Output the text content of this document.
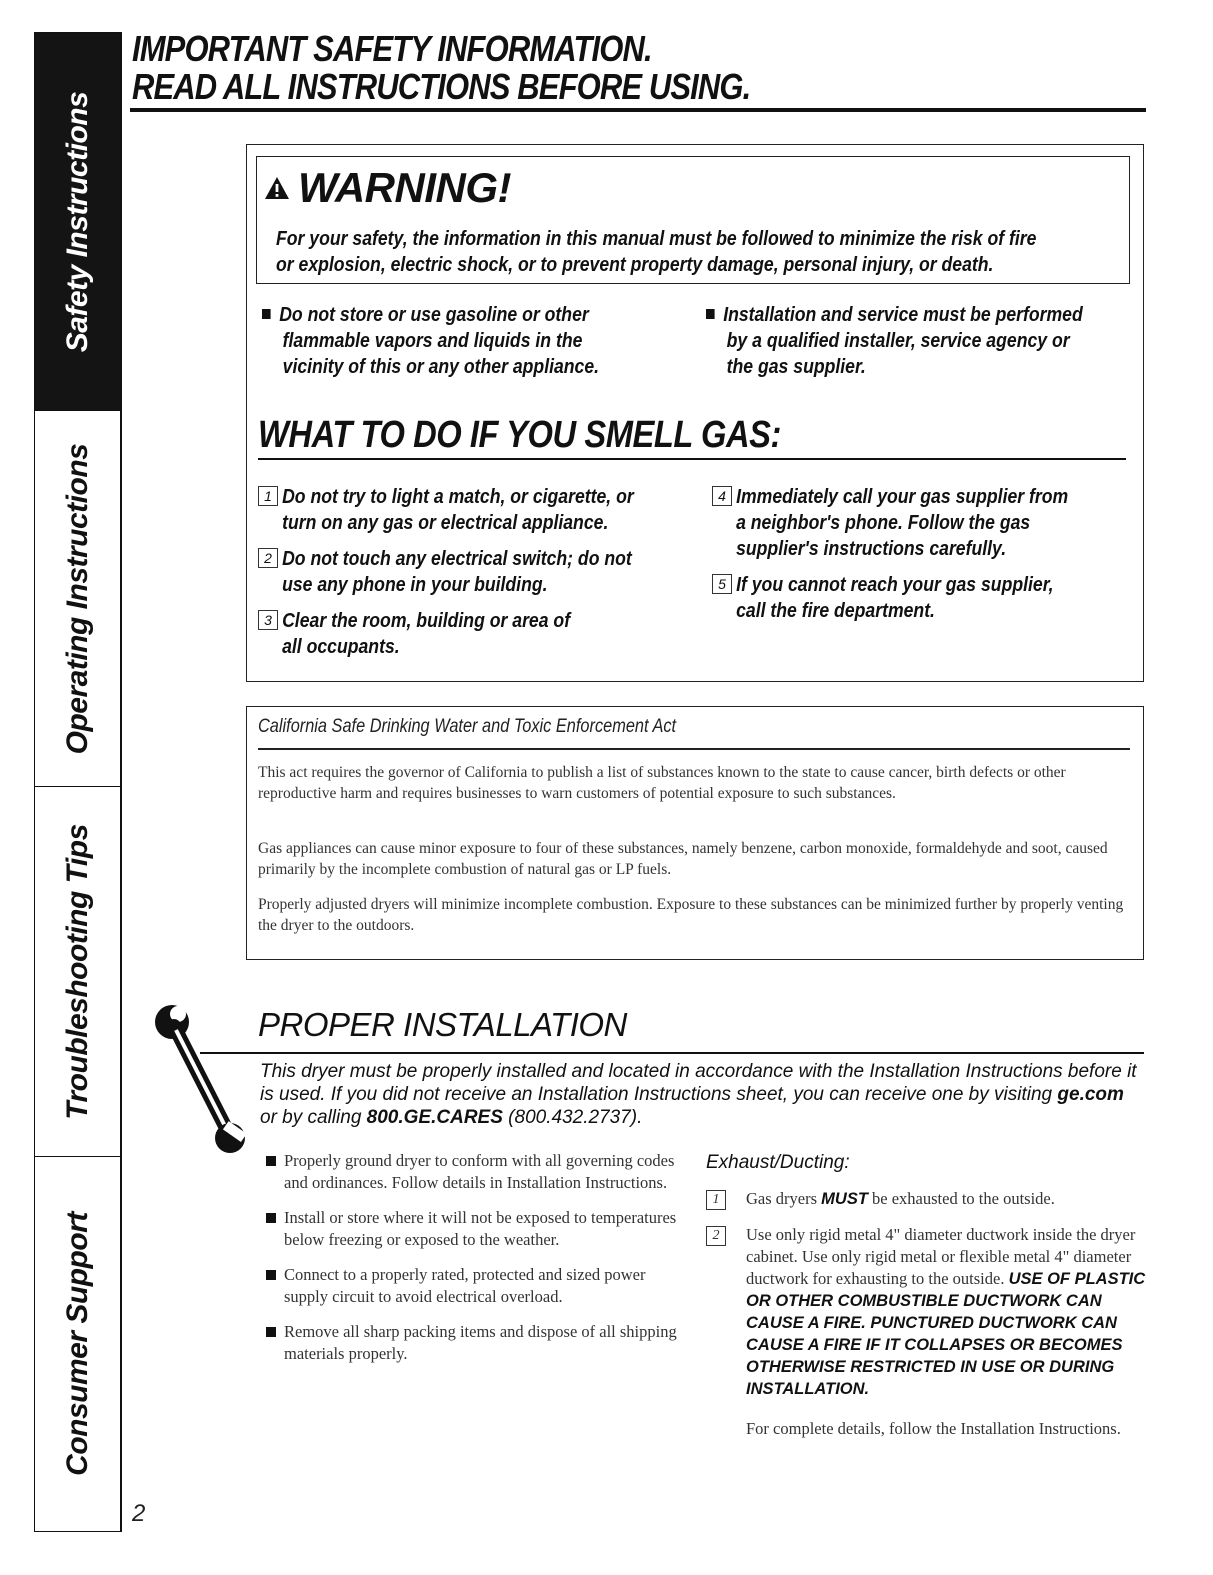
Safety Instructions
Operating Instructions
Troubleshooting Tips
Consumer Support
IMPORTANT SAFETY INFORMATION.
READ ALL INSTRUCTIONS BEFORE USING.
WARNING!
For your safety, the information in this manual must be followed to minimize the risk of fire
or explosion, electric shock, or to prevent property damage, personal injury, or death.
Do not store or use gasoline or other
flammable vapors and liquids in the
vicinity of this or any other appliance.
Installation and service must be performed
by a qualified installer, service agency or
the gas supplier.
WHAT TO DO IF YOU SMELL GAS:
1 Do not try to light a match, or cigarette, or
turn on any gas or electrical appliance.
2 Do not touch any electrical switch; do not
use any phone in your building.
3 Clear the room, building or area of
all occupants.
4 Immediately call your gas supplier from
a neighbor's phone. Follow the gas
supplier's instructions carefully.
5 If you cannot reach your gas supplier,
call the fire department.
California Safe Drinking Water and Toxic Enforcement Act
This act requires the governor of California to publish a list of substances known to the state to cause cancer, birth defects or other reproductive harm and requires businesses to warn customers of potential exposure to such substances.
Gas appliances can cause minor exposure to four of these substances, namely benzene, carbon monoxide, formaldehyde and soot, caused primarily by the incomplete combustion of natural gas or LP fuels.
Properly adjusted dryers will minimize incomplete combustion. Exposure to these substances can be minimized further by properly venting the dryer to the outdoors.
PROPER INSTALLATION
This dryer must be properly installed and located in accordance with the Installation Instructions before it is used. If you did not receive an Installation Instructions sheet, you can receive one by visiting ge.com or by calling 800.GE.CARES (800.432.2737).
Properly ground dryer to conform with all governing codes and ordinances. Follow details in Installation Instructions.
Install or store where it will not be exposed to temperatures below freezing or exposed to the weather.
Connect to a properly rated, protected and sized power supply circuit to avoid electrical overload.
Remove all sharp packing items and dispose of all shipping materials properly.
Exhaust/Ducting:
1	Gas dryers MUST be exhausted to the outside.
2	Use only rigid metal 4" diameter ductwork inside the dryer cabinet. Use only rigid metal or flexible metal 4" diameter ductwork for exhausting to the outside. USE OF PLASTIC OR OTHER COMBUSTIBLE DUCTWORK CAN CAUSE A FIRE. PUNCTURED DUCTWORK CAN CAUSE A FIRE IF IT COLLAPSES OR BECOMES OTHERWISE RESTRICTED IN USE OR DURING INSTALLATION.
For complete details, follow the Installation Instructions.
2
